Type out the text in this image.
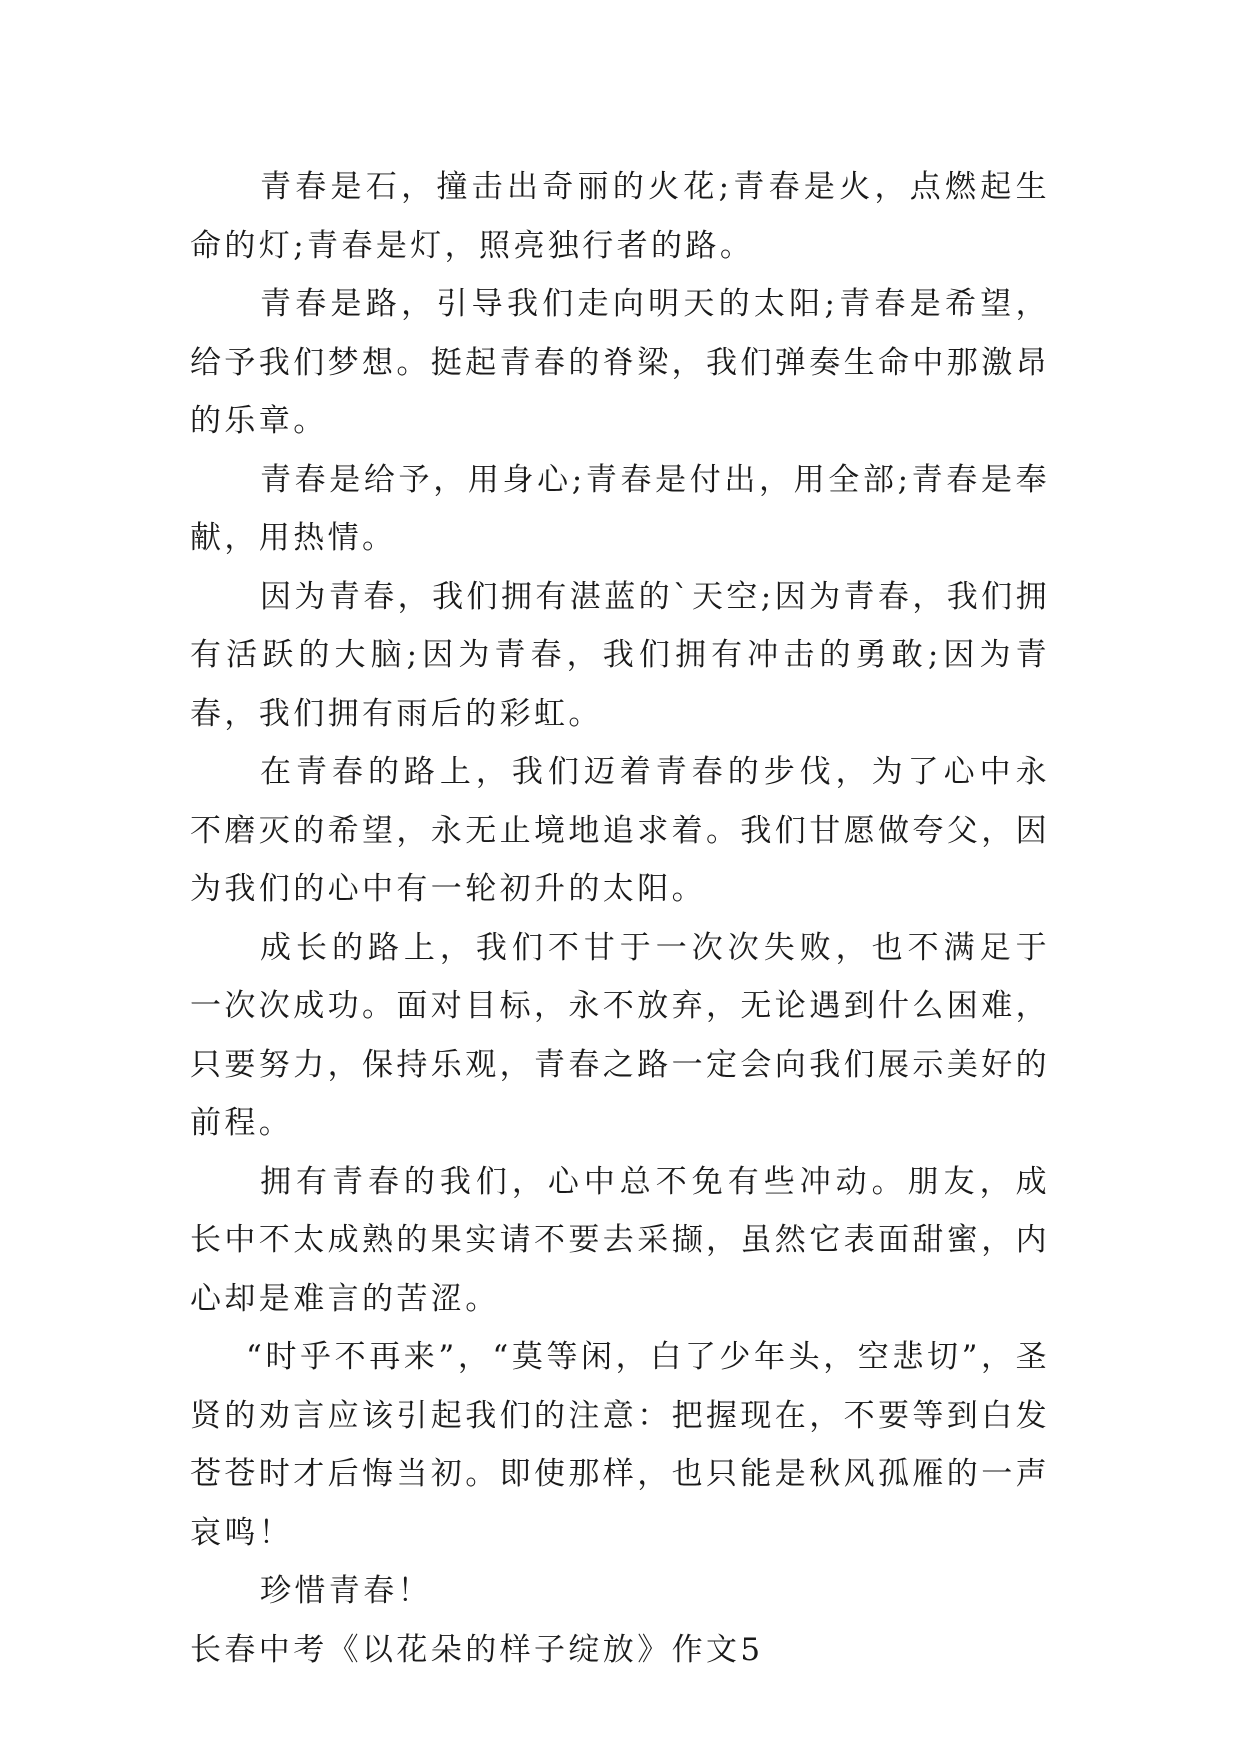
青春是石，撞击出奇丽的火花;青春是火，点燃起生命的灯;青春是灯，照亮独行者的路。

青春是路，引导我们走向明天的太阳;青春是希望，给予我们梦想。挺起青春的脊梁，我们弹奏生命中那激昂的乐章。

青春是给予，用身心;青春是付出，用全部;青春是奉献，用热情。

因为青春，我们拥有湛蓝的`天空;因为青春，我们拥有活跃的大脑;因为青春，我们拥有冲击的勇敢;因为青春，我们拥有雨后的彩虹。

在青春的路上，我们迈着青春的步伐，为了心中永不磨灭的希望，永无止境地追求着。我们甘愿做夸父，因为我们的心中有一轮初升的太阳。

成长的路上，我们不甘于一次次失败，也不满足于一次次成功。面对目标，永不放弃，无论遇到什么困难，只要努力，保持乐观，青春之路一定会向我们展示美好的前程。

拥有青春的我们，心中总不免有些冲动。朋友，成长中不太成熟的果实请不要去采撷，虽然它表面甜蜜，内心却是难言的苦涩。

“时乎不再来”，“莫等闲，白了少年头，空悲切”，圣贤的劝言应该引起我们的注意：把握现在，不要等到白发苍苍时才后悔当初。即使那样，也只能是秋风孤雁的一声哀鸣！

珍惜青春！

长春中考《以花朵的样子绽放》作文5
